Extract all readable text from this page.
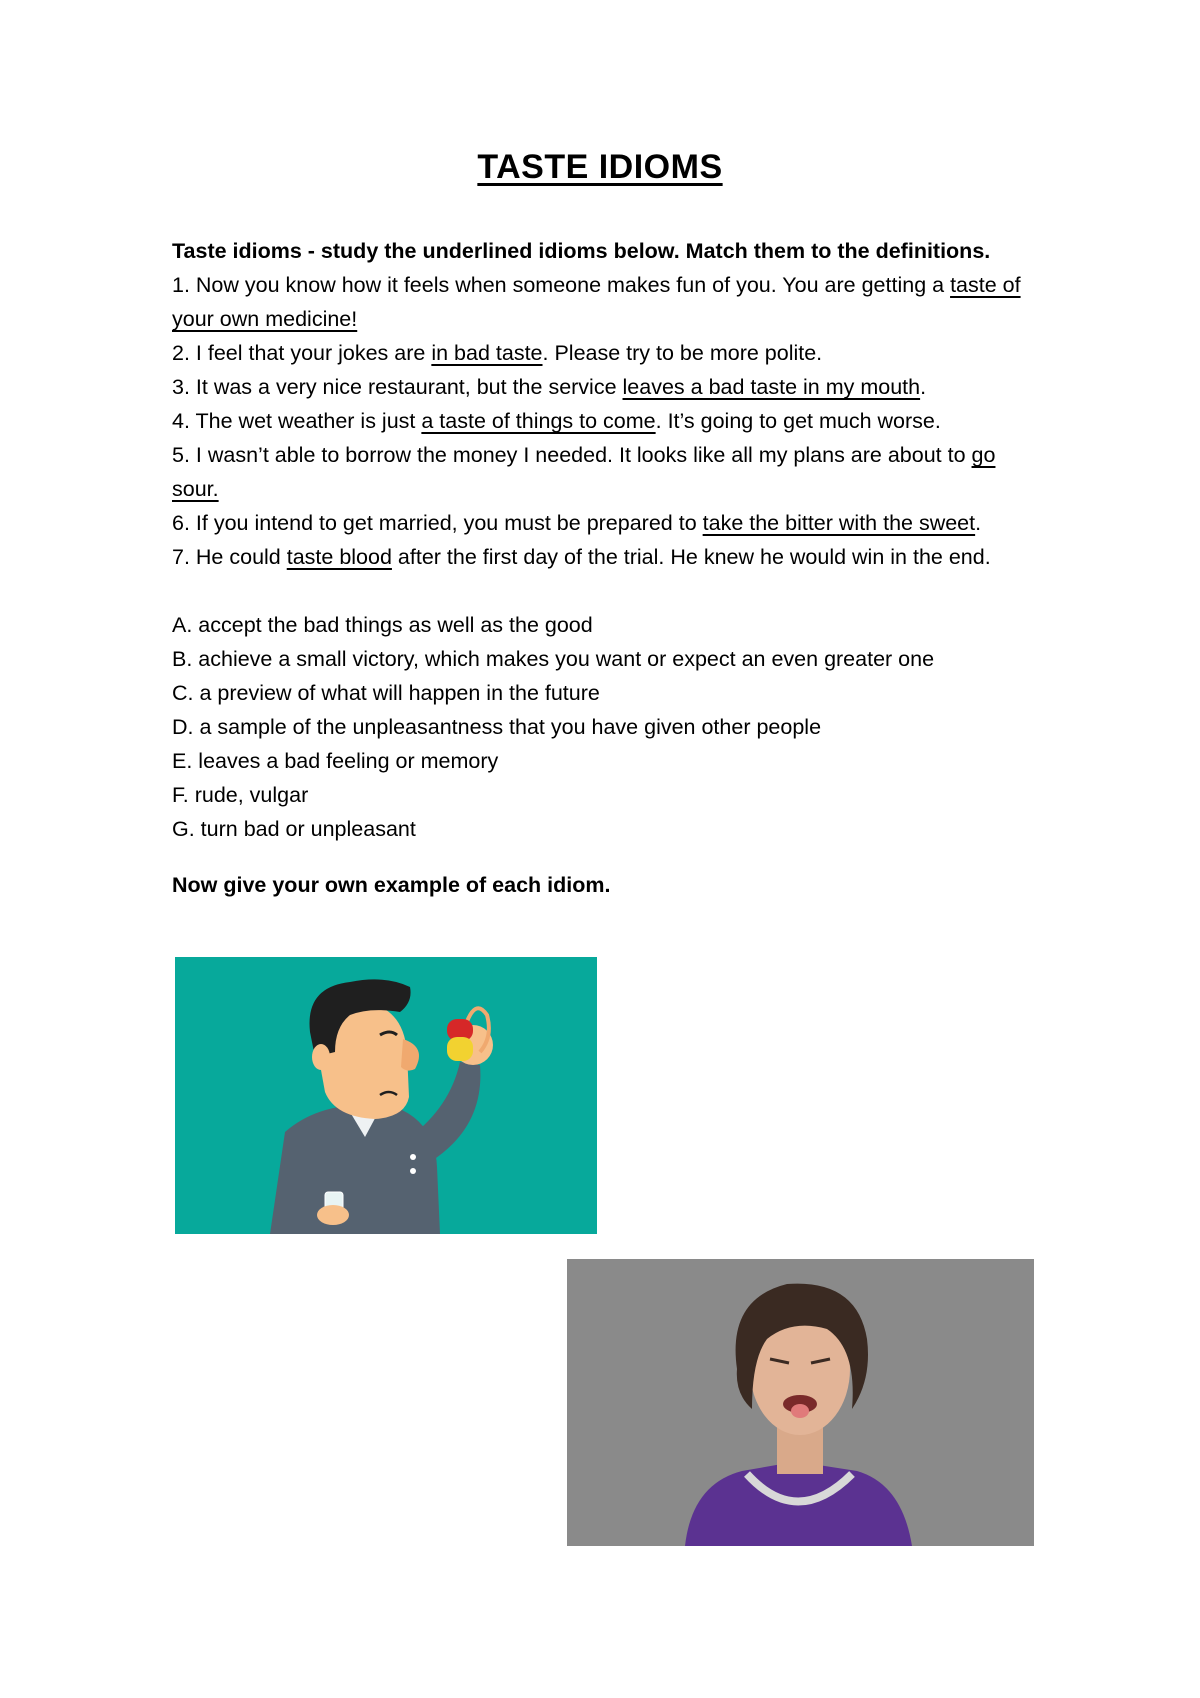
TASTE IDIOMS

Taste idioms - study the underlined idioms below. Match them to the definitions.

1. Now you know how it feels when someone makes fun of you. You are getting a taste of your own medicine!

2. I feel that your jokes are in bad taste. Please try to be more polite.

3. It was a very nice restaurant, but the service leaves a bad taste in my mouth.

4. The wet weather is just a taste of things to come. It’s going to get much worse.

5. I wasn’t able to borrow the money I needed. It looks like all my plans are about to go sour.

6. If you intend to get married, you must be prepared to take the bitter with the sweet.

7. He could taste blood after the first day of the trial. He knew he would win in the end.

A. accept the bad things as well as the good

B. achieve a small victory, which makes you want or expect an even greater one

C. a preview of what will happen in the future

D. a sample of the unpleasantness that you have given other people

E. leaves a bad feeling or memory

F. rude, vulgar

G. turn bad or unpleasant

Now give your own example of each idiom.
